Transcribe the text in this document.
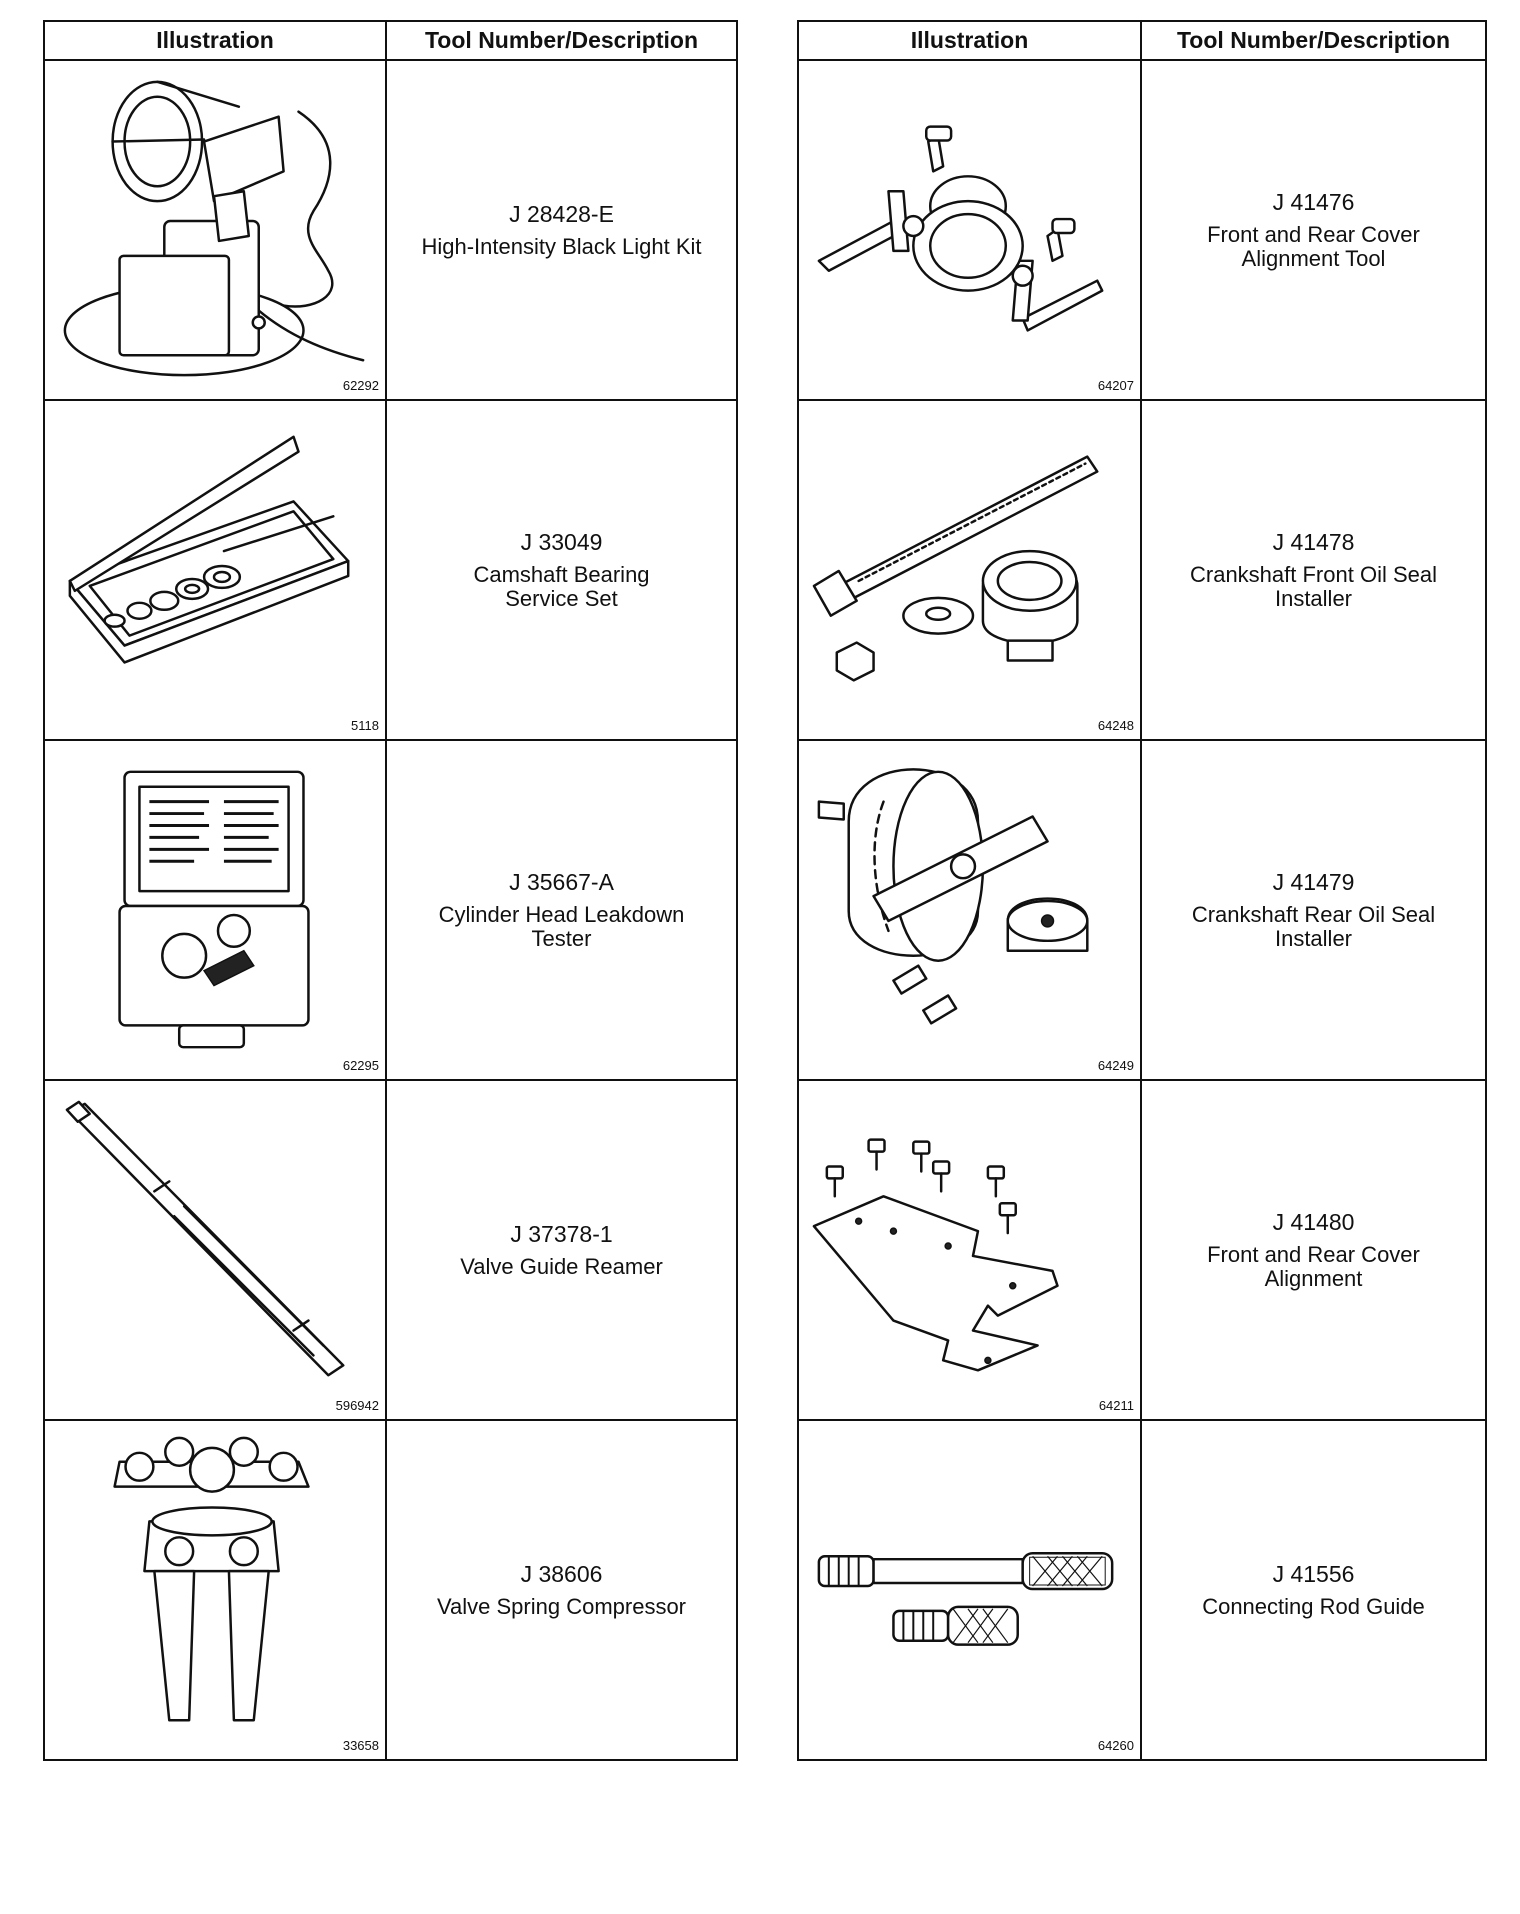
Illustration	Tool Number/Description

62292	J 28428-E
High-Intensity Black Light Kit

5118	J 33049
Camshaft Bearing
Service Set

62295	J 35667-A
Cylinder Head Leakdown
Tester

596942	J 37378-1
Valve Guide Reamer

33658	J 38606
Valve Spring Compressor
Illustration	Tool Number/Description

64207	J 41476
Front and Rear Cover
Alignment Tool

64248	J 41478
Crankshaft Front Oil Seal
Installer

64249	J 41479
Crankshaft Rear Oil Seal
Installer

64211	J 41480
Front and Rear Cover
Alignment

64260	J 41556
Connecting Rod Guide
